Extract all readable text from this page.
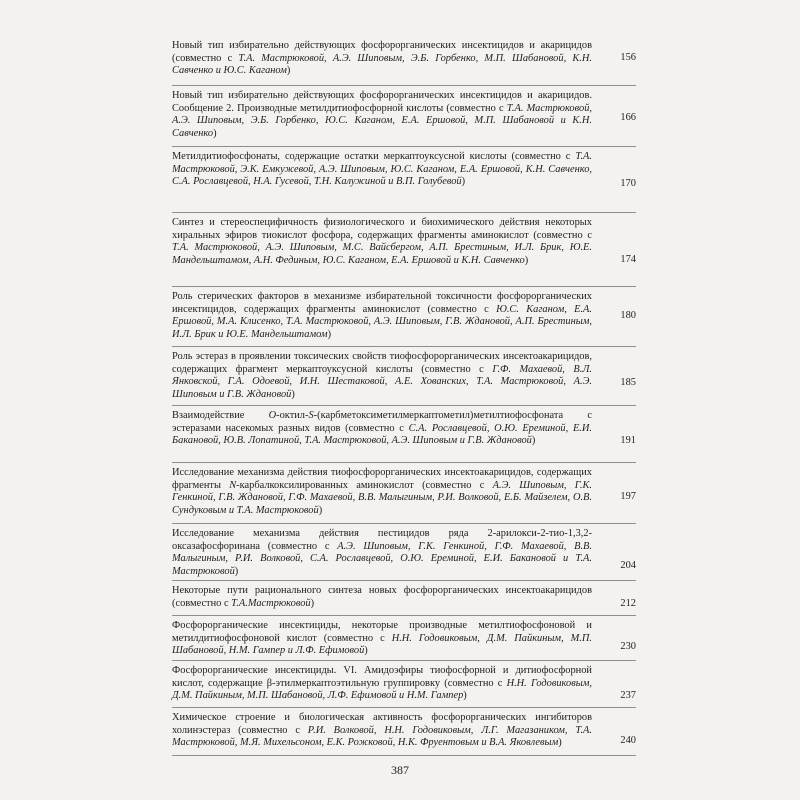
Новый тип избирательно действующих фосфорорганических инсектицидов и акарицидов (совместно с Т.А. Мастрюковой, А.Э. Шиповым, Э.Б. Горбенко, М.П. Шабановой, К.Н. Савченко и Ю.С. Каганом)
156
Новый тип избирательно действующих фосфорорганических инсектицидов и акарицидов. Сообщение 2. Производные метилдитиофосфорной кислоты (совместно с Т.А. Мастрюковой, А.Э. Шиповым, Э.Б. Горбенко, Ю.С. Каганом, Е.А. Ершовой, М.П. Шабановой и К.Н. Савченко)
166
Метилдитиофосфонаты, содержащие остатки меркаптоуксусной кислоты (совместно с Т.А. Мастрюковой, Э.К. Емкужевой, А.Э. Шиповым, Ю.С. Каганом, Е.А. Ершовой, К.Н. Савченко, С.А. Рославцевой, Н.А. Гусевой, Т.Н. Калужиной и В.П. Голубевой)	170
Синтез и стереоспецифичность физиологического и биохимического действия некоторых хиральных эфиров тиокислот фосфора, содержащих фрагменты аминокислот (совместно с Т.А. Мастрюковой, А.Э. Шиповым, М.С. Вайсбергом, А.П. Брестиным, И.Л. Брик, Ю.Е. Мандельштамом, А.Н. Фединым, Ю.С. Каганом, Е.А. Ершовой и К.Н. Савченко)	174
Роль стерических факторов в механизме избирательной токсичности фосфорорганических инсектицидов, содержащих фрагменты аминокислот (совместно с Ю.С. Каганом, Е.А. Ершовой, М.А. Клисенко, Т.А. Мастрюковой, А.Э. Шиповым, Г.В. Ждановой, А.П. Брестиным, И.Л. Брик и Ю.Е. Мандельштамом)
180
Роль эстераз в проявлении токсических свойств тиофосфорорганических инсектоакарицидов, содержащих фрагмент меркаптоуксусной кислоты (совместно с Г.Ф. Махаевой, В.Л. Янковской, Г.А. Одоевой, И.Н. Шестаковой, А.Е. Хованских, Т.А. Мастрюковой, А.Э. Шиповым и Г.В. Ждановой)
185
Взаимодействие О-октил-S-(карбметоксиметилмеркаптометил)метилтиофосфоната с эстеразами насекомых разных видов (совместно с С.А. Рославцевой, О.Ю. Ереминой, Е.И. Бакановой, Ю.В. Лопатиной, Т.А. Мастрюковой, А.Э. Шиповым и Г.В. Ждановой)	191
Исследование механизма действия тиофосфорорганических инсектоакарицидов, содержащих фрагменты N-карбалкоксилированных аминокислот (совместно с А.Э. Шиповым, Г.К. Генкиной, Г.В. Ждановой, Г.Ф. Махаевой, В.В. Малыгиным, Р.И. Волковой, Е.Б. Майзелем, О.В. Сундуковым и Т.А. Мастрюковой)
197
Исследование механизма действия пестицидов ряда 2-арилокси-2-тио-1,3,2-оксазафосфоринана (совместно с А.Э. Шиповым, Г.К. Генкиной, Г.Ф. Махаевой, В.В. Малыгиным, Р.И. Волковой, С.А. Рославцевой, О.Ю. Ереминой, Е.И. Бакановой и Т.А. Мастрюковой)
204
Некоторые пути рационального синтеза новых фосфорорганических инсектоакарицидов (совместно с Т.А.Мастрюковой)	212
Фосфорорганические инсектициды, некоторые производные метилтиофосфоновой и метилдитиофосфоновой кислот (совместно с Н.Н. Годовиковым, Д.М. Пайкиным, М.П. Шабановой, Н.М. Гампер и Л.Ф. Ефимовой)	230
Фосфорорганические инсектициды. VI. Амидоэфиры тиофосфорной и дитиофосфорной кислот, содержащие β-этилмеркаптоэтильную группировку (совместно с Н.Н. Годовиковым, Д.М. Пайкиным, М.П. Шабановой, Л.Ф. Ефимовой и Н.М. Гампер)	237
Химическое строение и биологическая активность фосфорорганических ингибиторов холинэстераз (совместно с Р.И. Волковой, Н.Н. Годовиковым, Л.Г. Магазаником, Т.А. Мастрюковой, М.Я. Михельсоном, Е.К. Рожковой, Н.К. Фруентовым и В.А. Яковлевым)	240
387
